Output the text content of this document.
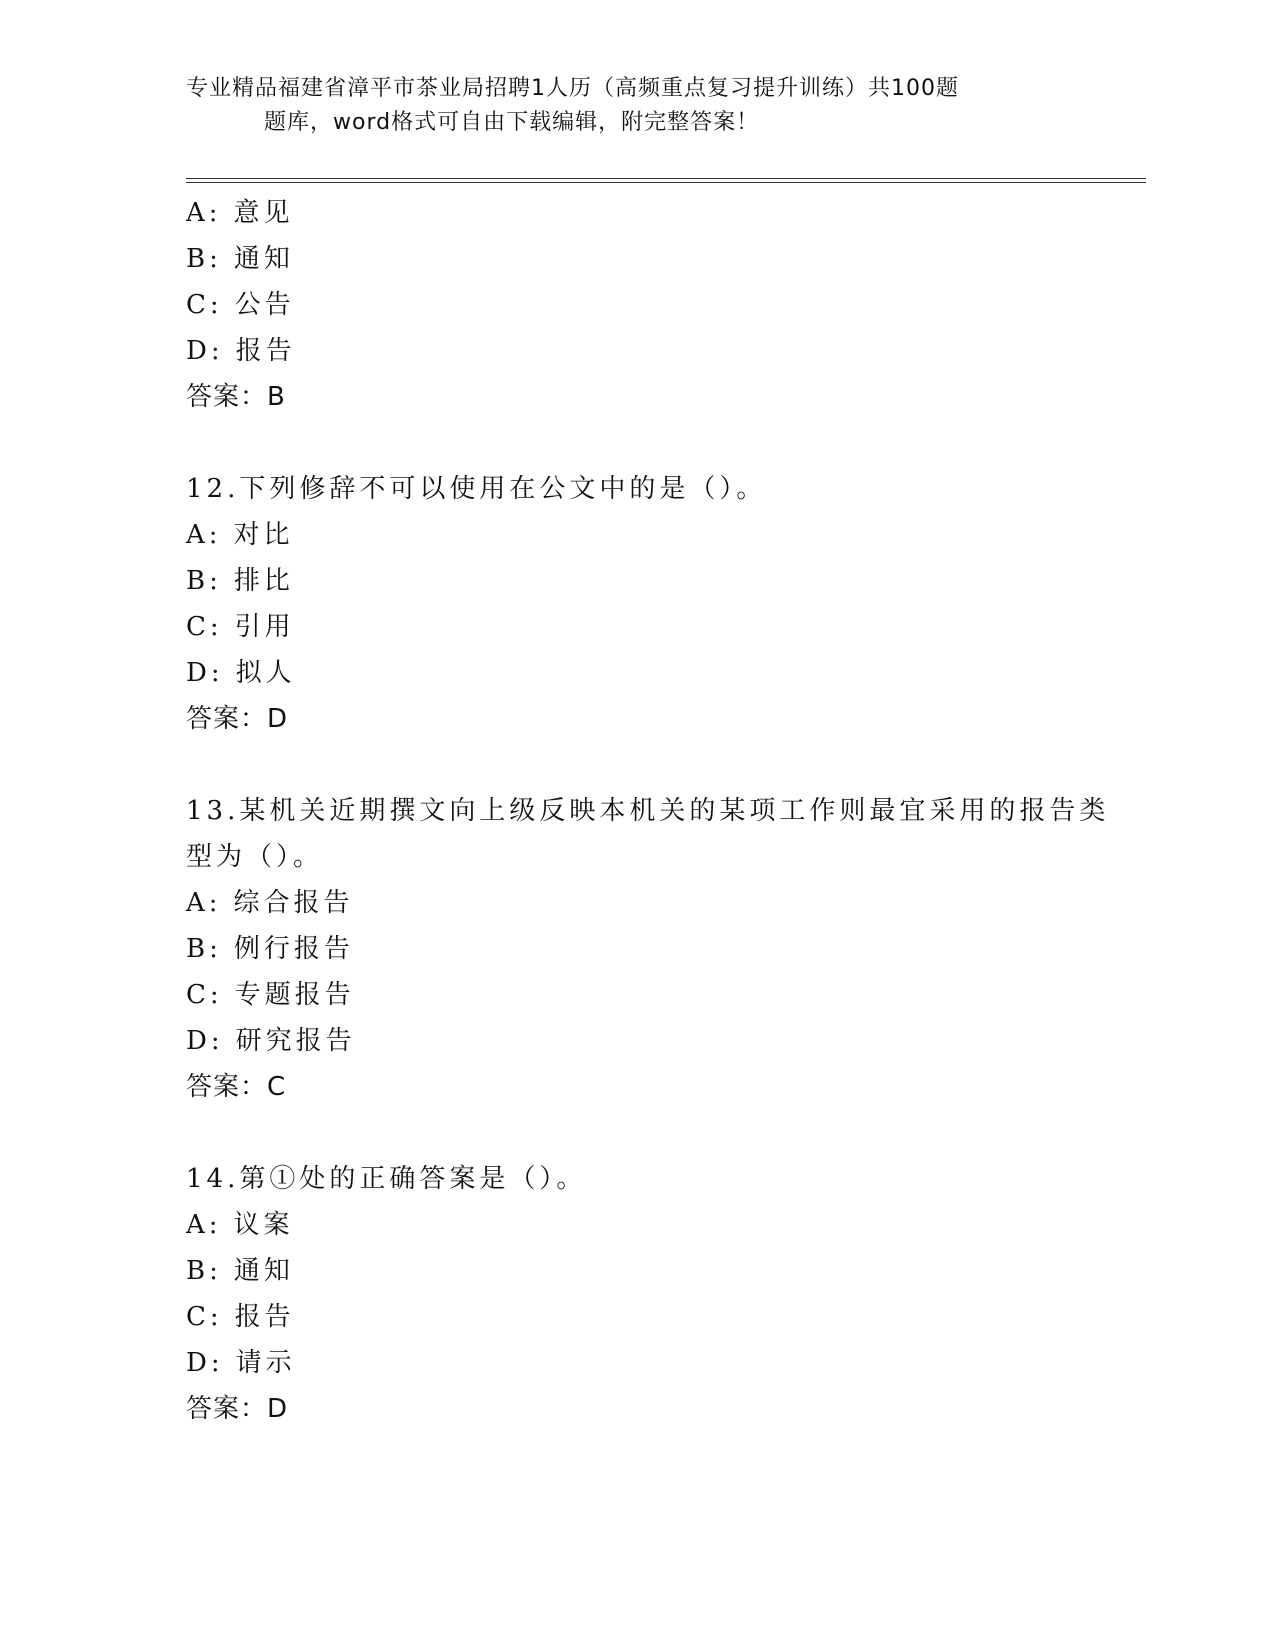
专业精品福建省漳平市茶业局招聘1人历（高频重点复习提升训练）共100题
题库，word格式可自由下载编辑，附完整答案！
A: 意见
B: 通知
C: 公告
D: 报告
答案：B
12.下列修辞不可以使用在公文中的是（）。
A: 对比
B: 排比
C: 引用
D: 拟人
答案：D
13.某机关近期撰文向上级反映本机关的某项工作则最宜采用的报告类
型为（）。
A: 综合报告
B: 例行报告
C: 专题报告
D: 研究报告
答案：C
14.第①处的正确答案是（）。
A: 议案
B: 通知
C: 报告
D: 请示
答案：D
